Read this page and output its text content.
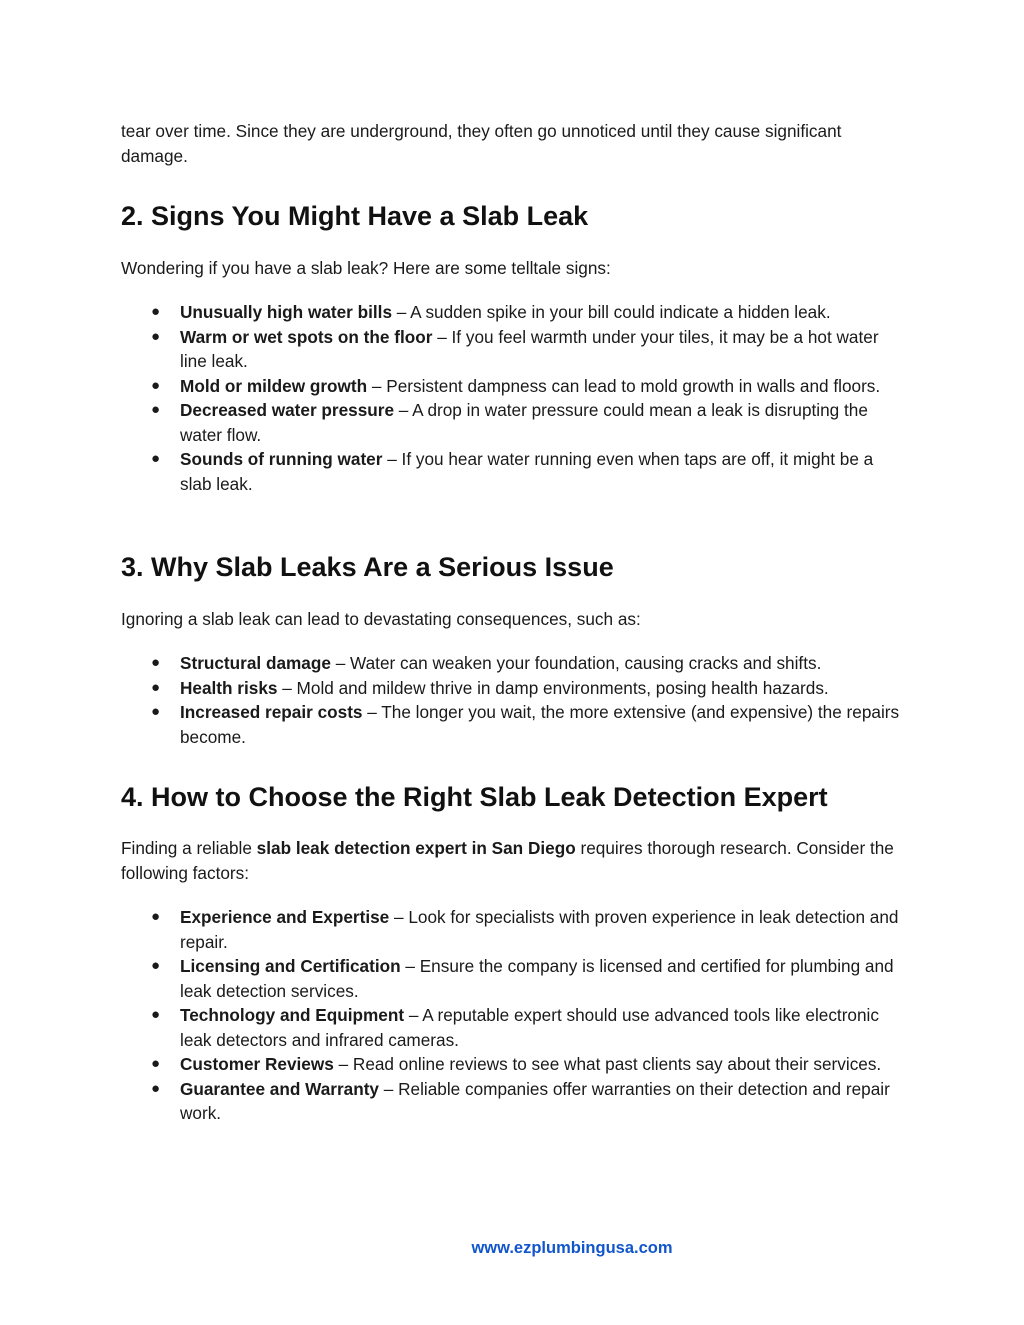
tear over time. Since they are underground, they often go unnoticed until they cause significant damage.

2. Signs You Might Have a Slab Leak

Wondering if you have a slab leak? Here are some telltale signs:

● Unusually high water bills – A sudden spike in your bill could indicate a hidden leak.
● Warm or wet spots on the floor – If you feel warmth under your tiles, it may be a hot water line leak.
● Mold or mildew growth – Persistent dampness can lead to mold growth in walls and floors.
● Decreased water pressure – A drop in water pressure could mean a leak is disrupting the water flow.
● Sounds of running water – If you hear water running even when taps are off, it might be a slab leak.
3. Why Slab Leaks Are a Serious Issue

Ignoring a slab leak can lead to devastating consequences, such as:

● Structural damage – Water can weaken your foundation, causing cracks and shifts.
● Health risks – Mold and mildew thrive in damp environments, posing health hazards.
● Increased repair costs – The longer you wait, the more extensive (and expensive) the repairs become.
4. How to Choose the Right Slab Leak Detection Expert

Finding a reliable slab leak detection expert in San Diego requires thorough research. Consider the following factors:

● Experience and Expertise – Look for specialists with proven experience in leak detection and repair.
● Licensing and Certification – Ensure the company is licensed and certified for plumbing and leak detection services.
● Technology and Equipment – A reputable expert should use advanced tools like electronic leak detectors and infrared cameras.
● Customer Reviews – Read online reviews to see what past clients say about their services.
● Guarantee and Warranty – Reliable companies offer warranties on their detection and repair work.
www.ezplumbingusa.com
